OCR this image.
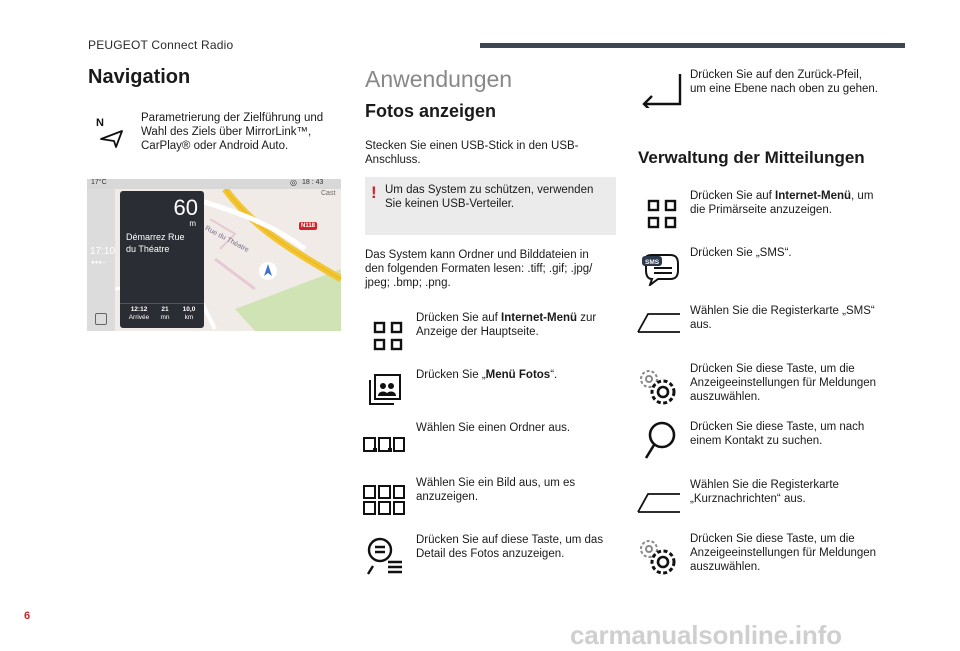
PEUGEOT Connect Radio
Navigation
N	Parametrierung der Zielführung und
Wahl des Ziels über MirrorLink™,
CarPlay® oder Android Auto.
17°C	18 : 43
◎
17:10
●●●○
N118
Rue du Théatre
Cast
60
m
Démarrez Rue
du Théatre
12:12
Arrivée
21
mn
10,0
km
Anwendungen
Fotos anzeigen
Stecken Sie einen USB-Stick in den USB-
Anschluss.
! Um das System zu schützen, verwenden
Sie keinen USB-Verteiler.
Das System kann Ordner und Bilddateien in
den folgenden Formaten lesen: .tiff; .gif; .jpg/
jpeg; .bmp; .png.
Drücken Sie auf Internet-Menü zur
Anzeige der Hauptseite.
Drücken Sie „Menü Fotos“.
Wählen Sie einen Ordner aus.
Wählen Sie ein Bild aus, um es
anzuzeigen.
Drücken Sie auf diese Taste, um das
Detail des Fotos anzuzeigen.
Drücken Sie auf den Zurück-Pfeil,
um eine Ebene nach oben zu gehen.
Verwaltung der Mitteilungen
SMS
Drücken Sie auf Internet-Menü, um
die Primärseite anzuzeigen.
Drücken Sie „SMS“.
Wählen Sie die Registerkarte „SMS“
aus.
Drücken Sie diese Taste, um die
Anzeigeeinstellungen für Meldungen
auszuwählen.
Drücken Sie diese Taste, um nach
einem Kontakt zu suchen.
Wählen Sie die Registerkarte
„Kurznachrichten“ aus.
Drücken Sie diese Taste, um die
Anzeigeeinstellungen für Meldungen
auszuwählen.
6
carmanualsonline.info
